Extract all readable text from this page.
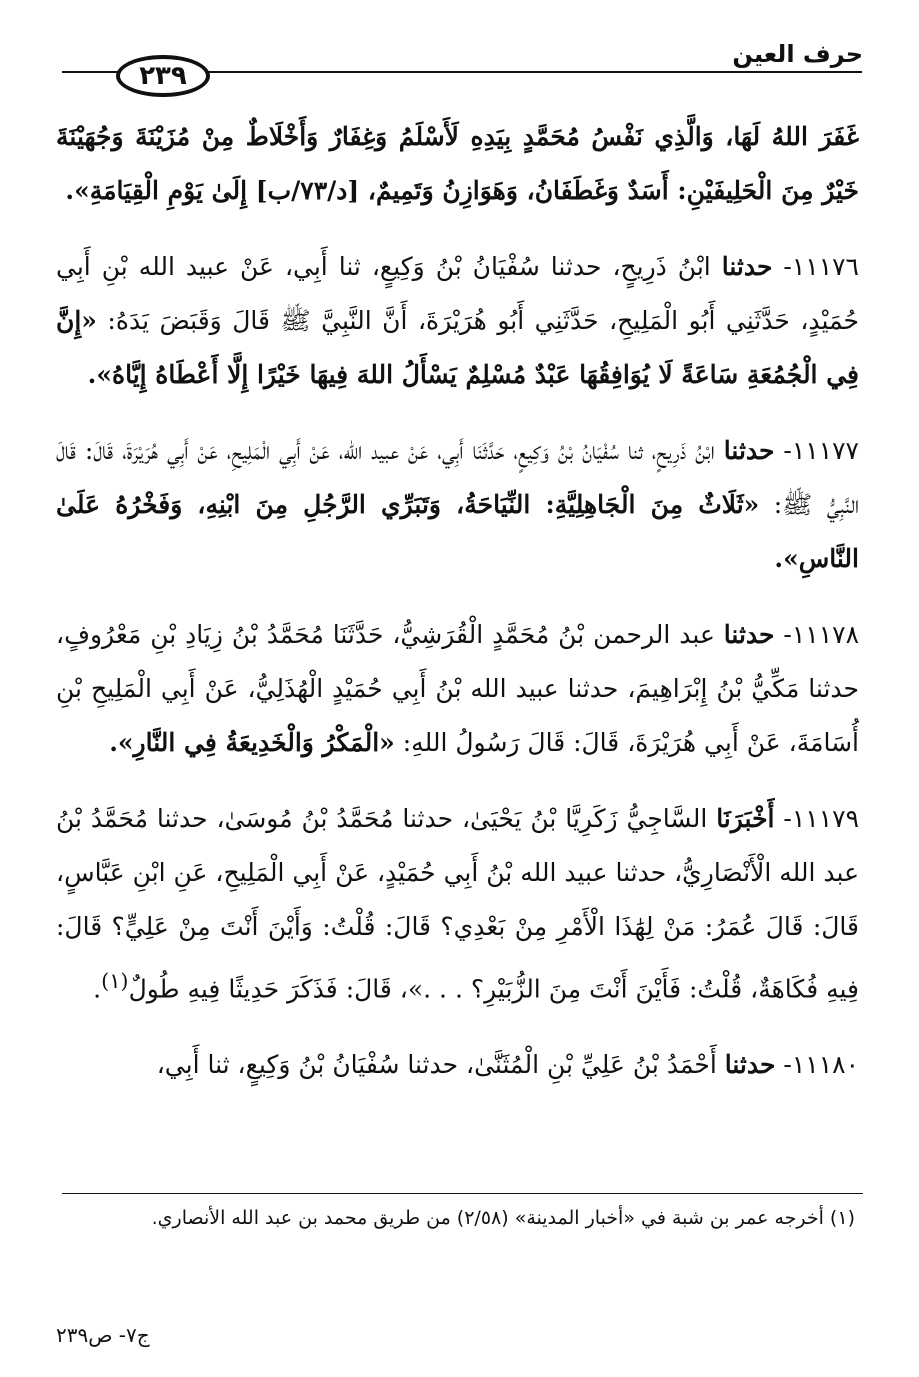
حرف العين
٢٣٩

غَفَرَ اللهُ لَهَا، وَالَّذِي نَفْسُ مُحَمَّدٍ بِيَدِهِ لَأَسْلَمُ وَغِفَارٌ وَأَخْلَاطٌ مِنْ مُزَيْنَةَ وَجُهَيْنَةَ خَيْرٌ مِنَ الْحَلِيفَيْنِ: أَسَدٌ وَغَطَفَانُ، وَهَوَازِنُ وَتَمِيمٌ، [د/٧٣/ب] إِلَىٰ يَوْمِ الْقِيَامَةِ».

١١١٧٦- حدثنا ابْنُ ذَرِيحٍ، حدثنا سُفْيَانُ بْنُ وَكِيعٍ، ثنا أَبِي، عَنْ عبيد الله بْنِ أَبِي حُمَيْدٍ، حَدَّثَنِي أَبُو الْمَلِيحِ، حَدَّثَنِي أَبُو هُرَيْرَةَ، أَنَّ النَّبِيَّ ﷺ قَالَ وَقَبَضَ يَدَهُ: «إِنَّ فِي الْجُمُعَةِ سَاعَةً لَا يُوَافِقُهَا عَبْدٌ مُسْلِمٌ يَسْأَلُ اللهَ فِيهَا خَيْرًا إِلَّا أَعْطَاهُ إِيَّاهُ».

١١١٧٧- حدثنا ابْنُ ذَرِيحٍ، ثنا سُفْيَانُ بْنُ وَكِيعٍ، حَدَّثَنَا أَبِي، عَنْ عبيد الله، عَنْ أَبِي الْمَلِيحِ، عَنْ أَبِي هُرَيْرَةَ، قَالَ: قَالَ النَّبِيُّ ﷺ: «ثَلَاثٌ مِنَ الْجَاهِلِيَّةِ: النِّيَاحَةُ، وَتَبَرِّي الرَّجُلِ مِنَ ابْنِهِ، وَفَخْرُهُ عَلَىٰ النَّاسِ».

١١١٧٨- حدثنا عبد الرحمن بْنُ مُحَمَّدٍ الْقُرَشِيُّ، حَدَّثَنَا مُحَمَّدُ بْنُ زِيَادِ بْنِ مَعْرُوفٍ، حدثنا مَكِّيُّ بْنُ إِبْرَاهِيمَ، حدثنا عبيد الله بْنُ أَبِي حُمَيْدٍ الْهُذَلِيُّ، عَنْ أَبِي الْمَلِيحِ بْنِ أُسَامَةَ، عَنْ أَبِي هُرَيْرَةَ، قَالَ: قَالَ رَسُولُ اللهِ: «الْمَكْرُ وَالْخَدِيعَةُ فِي النَّارِ».

١١١٧٩- أَخْبَرَنَا السَّاجِيُّ زَكَرِيَّا بْنُ يَحْيَىٰ، حدثنا مُحَمَّدُ بْنُ مُوسَىٰ، حدثنا مُحَمَّدُ بْنُ عبد الله الْأَنْصَارِيُّ، حدثنا عبيد الله بْنُ أَبِي حُمَيْدٍ، عَنْ أَبِي الْمَلِيحِ، عَنِ ابْنِ عَبَّاسٍ، قَالَ: قَالَ عُمَرُ: مَنْ لِهَٰذَا الْأَمْرِ مِنْ بَعْدِي؟ قَالَ: قُلْتُ: وَأَيْنَ أَنْتَ مِنْ عَلِيٍّ؟ قَالَ: فِيهِ فُكَاهَةٌ، قُلْتُ: فَأَيْنَ أَنْتَ مِنَ الزُّبَيْرِ؟ . . .»، قَالَ: فَذَكَرَ حَدِيثًا فِيهِ طُولٌ$^{(١)}$.

١١١٨٠- حدثنا أَحْمَدُ بْنُ عَلِيِّ بْنِ الْمُثَنَّىٰ، حدثنا سُفْيَانُ بْنُ وَكِيعٍ، ثنا أَبِي،

(١) أخرجه عمر بن شبة في «أخبار المدينة» (٢/٥٨) من طريق محمد بن عبد الله الأنصاري.
ج٧- ص٢٣٩
